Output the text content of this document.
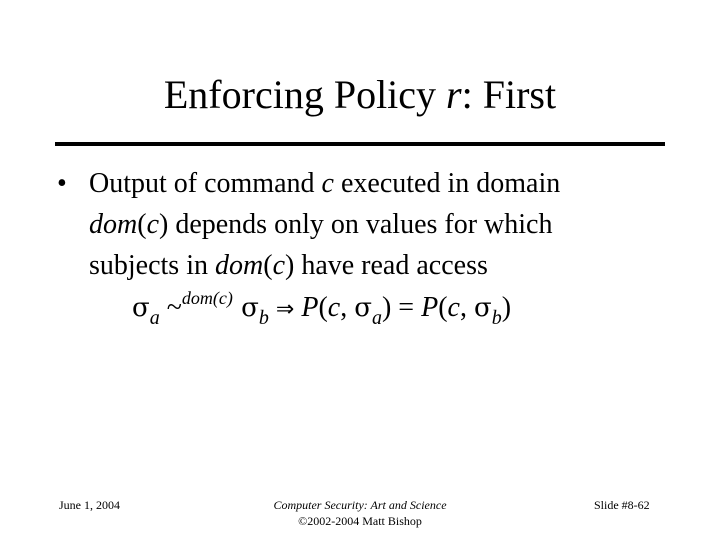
Enforcing Policy r: First
• Output of command c executed in domain
dom(c) depends only on values for which
subjects in dom(c) have read access
$\sigma_a$ ~$^{dom(c)}$ $\sigma_b$ ⇒ P(c, $\sigma_a) = P(c$, $\sigma_b$)
June 1, 2004	Computer Security: Art and Science
©2002-2004 Matt Bishop
Slide #8-62
